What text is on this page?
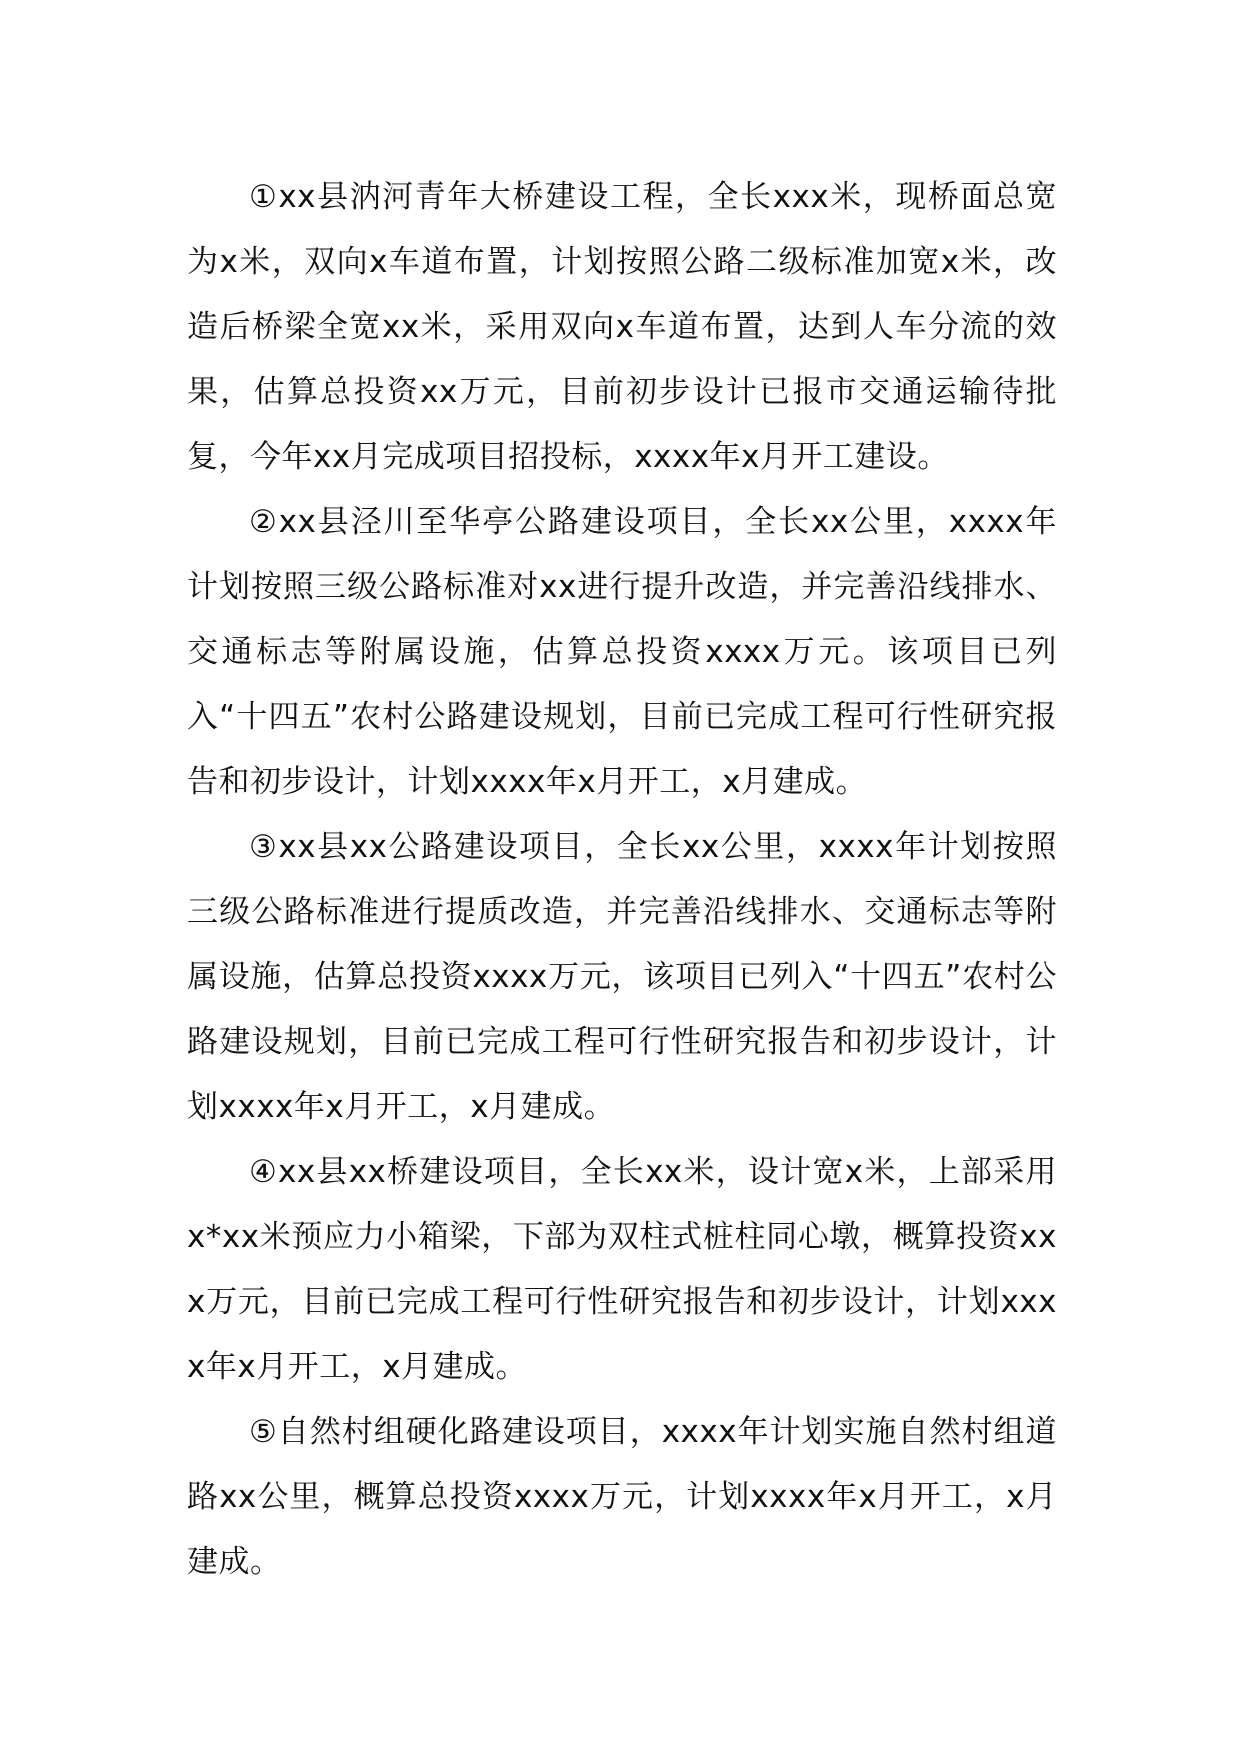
①xx县汭河青年大桥建设工程，全长xxx米，现桥面总宽为x米，双向x车道布置，计划按照公路二级标准加宽x米，改造后桥梁全宽xx米，采用双向x车道布置，达到人车分流的效果，估算总投资xx万元，目前初步设计已报市交通运输待批复，今年xx月完成项目招投标，xxxx年x月开工建设。

②xx县泾川至华亭公路建设项目，全长xx公里，xxxx年计划按照三级公路标准对xx进行提升改造，并完善沿线排水、交通标志等附属设施，估算总投资xxxx万元。该项目已列入“十四五”农村公路建设规划，目前已完成工程可行性研究报告和初步设计，计划xxxx年x月开工，x月建成。

③xx县xx公路建设项目，全长xx公里，xxxx年计划按照三级公路标准进行提质改造，并完善沿线排水、交通标志等附属设施，估算总投资xxxx万元，该项目已列入“十四五”农村公路建设规划，目前已完成工程可行性研究报告和初步设计，计划xxxx年x月开工，x月建成。

④xx县xx桥建设项目，全长xx米，设计宽x米，上部采用x*xx米预应力小箱梁，下部为双柱式桩柱同心墩，概算投资xxx万元，目前已完成工程可行性研究报告和初步设计，计划xxxx年x月开工，x月建成。

⑤自然村组硬化路建设项目，xxxx年计划实施自然村组道路xx公里，概算总投资xxxx万元，计划xxxx年x月开工，x月建成。
